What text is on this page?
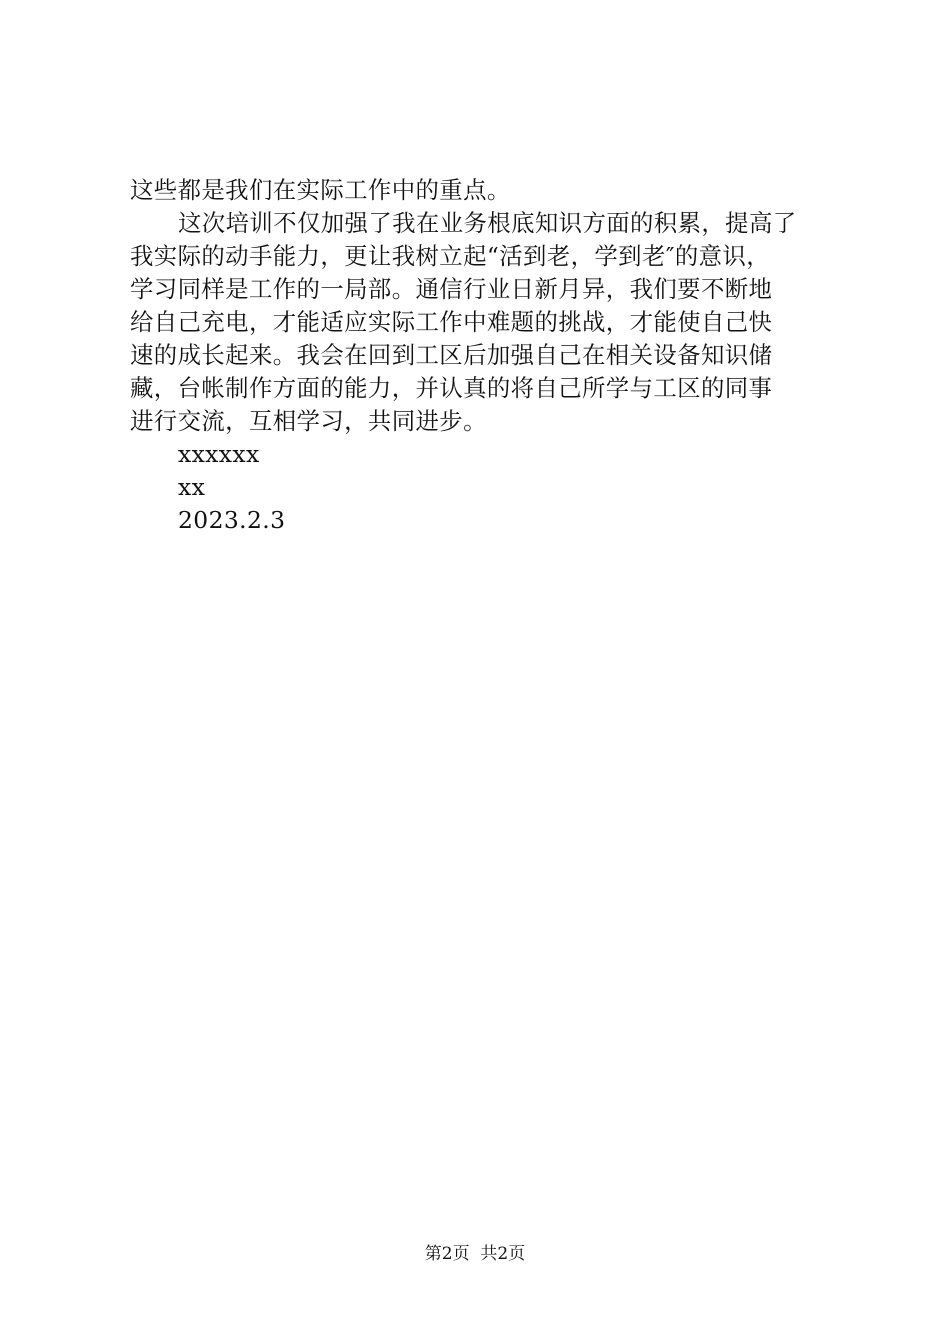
这些都是我们在实际工作中的重点。
这次培训不仅加强了我在业务根底知识方面的积累，提高了
我实际的动手能力，更让我树立起“活到老，学到老″的意识，
学习同样是工作的一局部。通信行业日新月异，我们要不断地
给自己充电，才能适应实际工作中难题的挑战，才能使自己快
速的成长起来。我会在回到工区后加强自己在相关设备知识储
藏，台帐制作方面的能力，并认真的将自己所学与工区的同事
进行交流，互相学习，共同进步。
xxxxxx
xx
2023.2.3
第2页  共2页
